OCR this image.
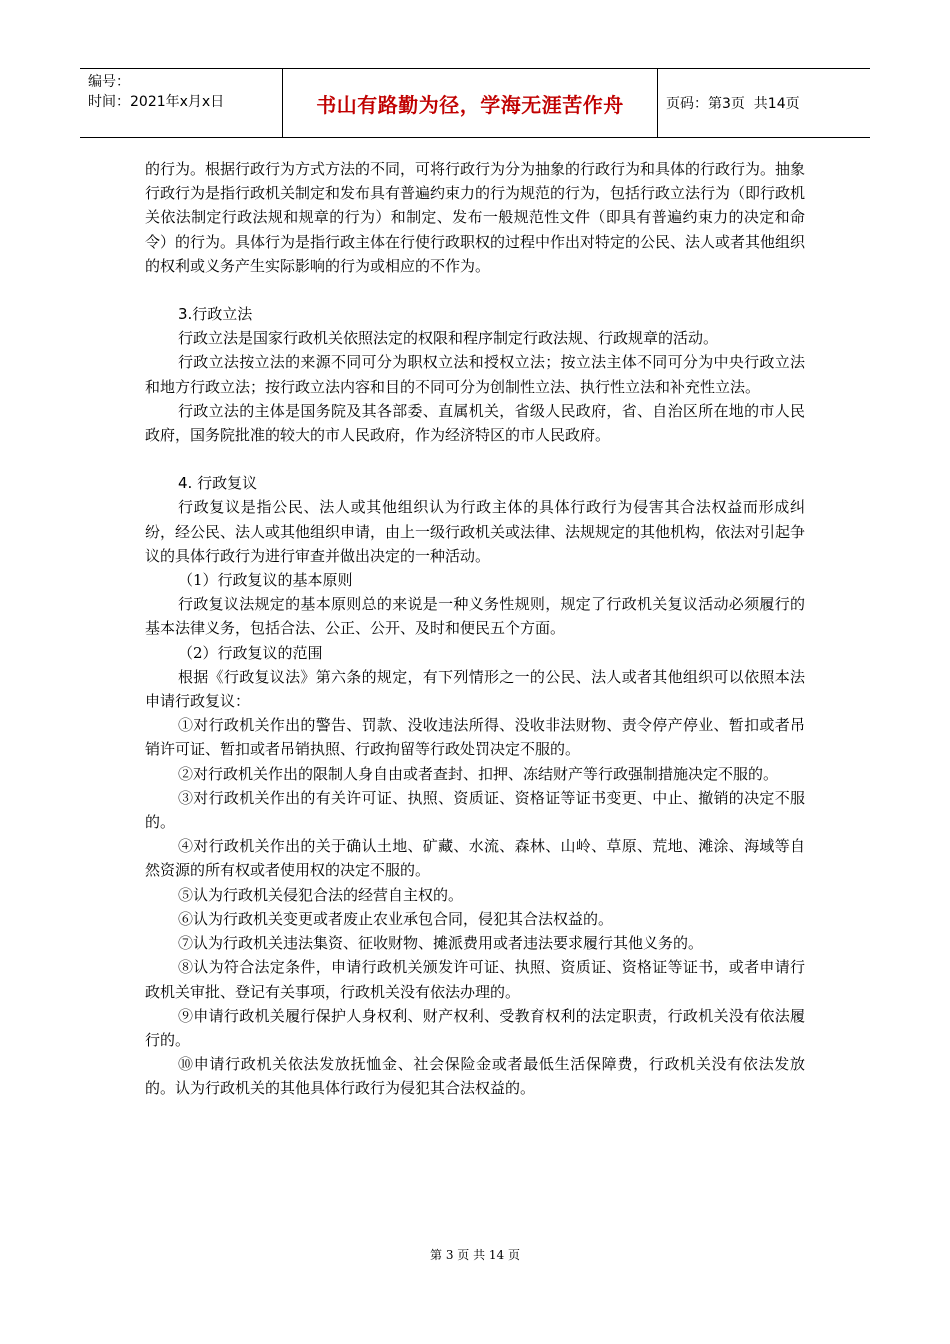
编号：
时间：2021年x月x日	书山有路勤为径，学海无涯苦作舟	页码：第3页  共14页

的行为。根据行政行为方式方法的不同，可将行政行为分为抽象的行政行为和具体的行政行为。抽象行政行为是指行政机关制定和发布具有普遍约束力的行为规范的行为，包括行政立法行为（即行政机关依法制定行政法规和规章的行为）和制定、发布一般规范性文件（即具有普遍约束力的决定和命令）的行为。具体行为是指行政主体在行使行政职权的过程中作出对特定的公民、法人或者其他组织的权利或义务产生实际影响的行为或相应的不作为。

3.行政立法

行政立法是国家行政机关依照法定的权限和程序制定行政法规、行政规章的活动。

行政立法按立法的来源不同可分为职权立法和授权立法；按立法主体不同可分为中央行政立法和地方行政立法；按行政立法内容和目的不同可分为创制性立法、执行性立法和补充性立法。

行政立法的主体是国务院及其各部委、直属机关，省级人民政府，省、自治区所在地的市人民政府，国务院批准的较大的市人民政府，作为经济特区的市人民政府。

4. 行政复议

行政复议是指公民、法人或其他组织认为行政主体的具体行政行为侵害其合法权益而形成纠纷，经公民、法人或其他组织申请，由上一级行政机关或法律、法规规定的其他机构，依法对引起争议的具体行政行为进行审查并做出决定的一种活动。

（1）行政复议的基本原则

行政复议法规定的基本原则总的来说是一种义务性规则，规定了行政机关复议活动必须履行的基本法律义务，包括合法、公正、公开、及时和便民五个方面。

（2）行政复议的范围

根据《行政复议法》第六条的规定，有下列情形之一的公民、法人或者其他组织可以依照本法申请行政复议：

①对行政机关作出的警告、罚款、没收违法所得、没收非法财物、责令停产停业、暂扣或者吊销许可证、暂扣或者吊销执照、行政拘留等行政处罚决定不服的。

②对行政机关作出的限制人身自由或者查封、扣押、冻结财产等行政强制措施决定不服的。

③对行政机关作出的有关许可证、执照、资质证、资格证等证书变更、中止、撤销的决定不服的。

④对行政机关作出的关于确认土地、矿藏、水流、森林、山岭、草原、荒地、滩涂、海域等自然资源的所有权或者使用权的决定不服的。

⑤认为行政机关侵犯合法的经营自主权的。

⑥认为行政机关变更或者废止农业承包合同，侵犯其合法权益的。

⑦认为行政机关违法集资、征收财物、摊派费用或者违法要求履行其他义务的。

⑧认为符合法定条件，申请行政机关颁发许可证、执照、资质证、资格证等证书，或者申请行政机关审批、登记有关事项，行政机关没有依法办理的。

⑨申请行政机关履行保护人身权利、财产权利、受教育权利的法定职责，行政机关没有依法履行的。

⑩申请行政机关依法发放抚恤金、社会保险金或者最低生活保障费，行政机关没有依法发放的。认为行政机关的其他具体行政行为侵犯其合法权益的。

第 3 页 共 14 页
